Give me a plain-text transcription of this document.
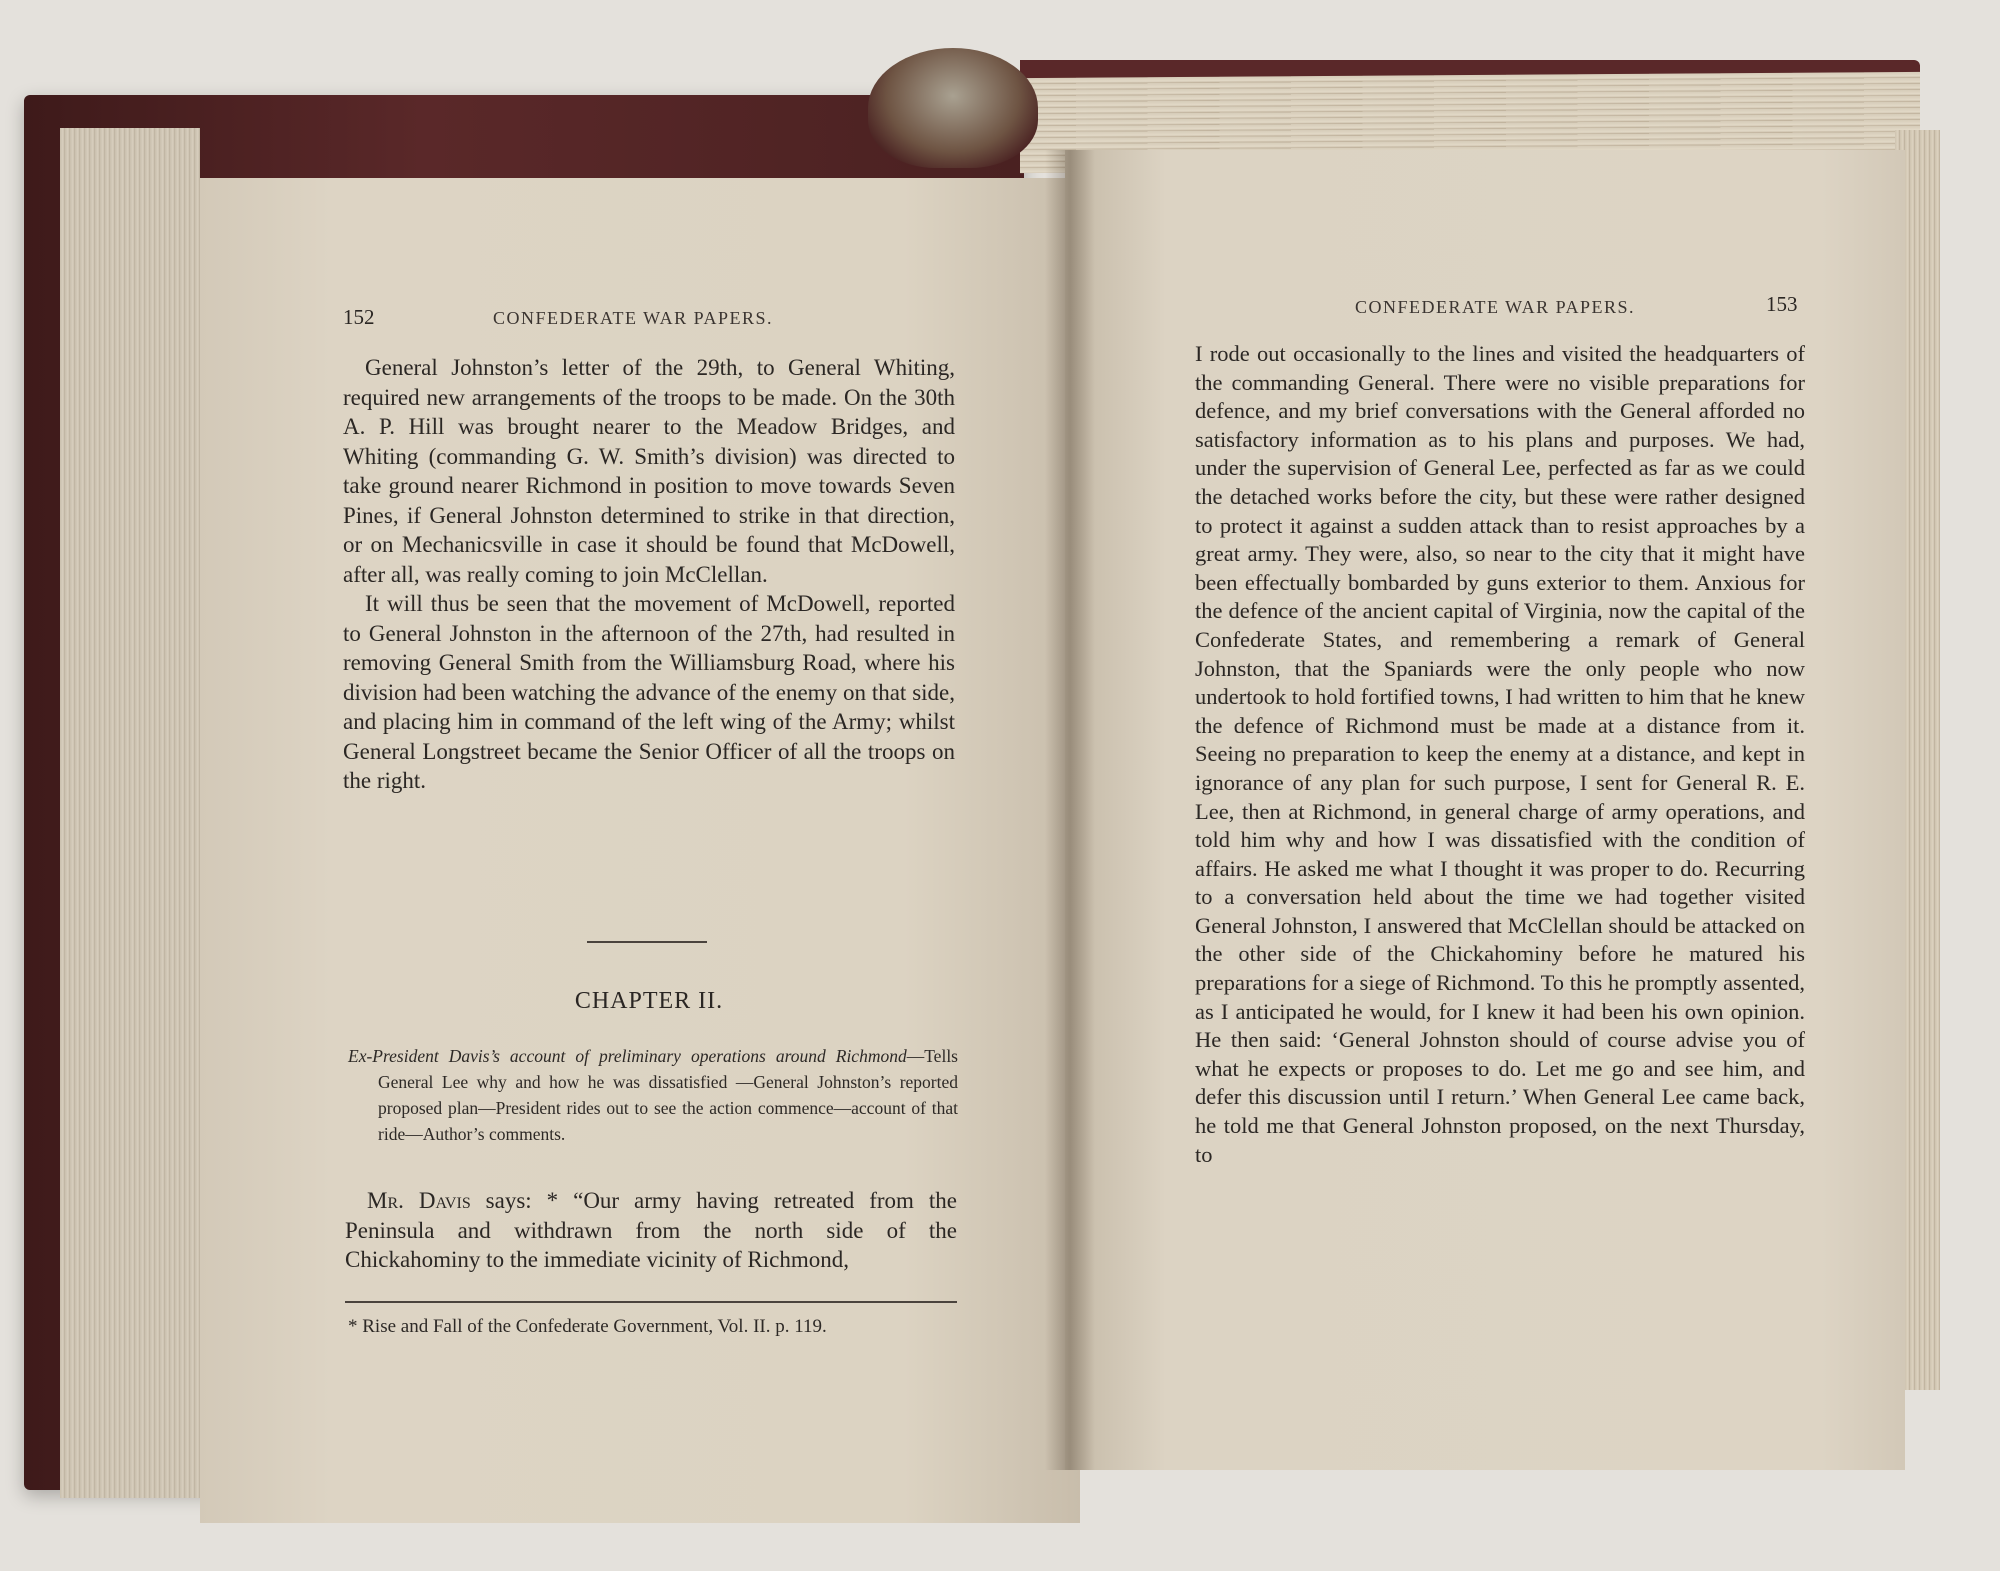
152	CONFEDERATE WAR PAPERS.

General Johnston’s letter of the 29th, to General Whiting, required new arrangements of the troops to be made. On the 30th A. P. Hill was brought nearer to the Meadow Bridges, and Whiting (commanding G. W. Smith’s division) was directed to take ground nearer Richmond in position to move towards Seven Pines, if General Johnston determined to strike in that direction, or on Mechanicsville in case it should be found that McDowell, after all, was really coming to join McClellan.

It will thus be seen that the movement of McDowell, reported to General Johnston in the afternoon of the 27th, had resulted in removing General Smith from the Williamsburg Road, where his division had been watching the advance of the enemy on that side, and placing him in command of the left wing of the Army; whilst General Longstreet became the Senior Officer of all the troops on the right.

CHAPTER II.
Ex-President Davis’s account of preliminary operations around Richmond—Tells General Lee why and how he was dissatisfied —General Johnston’s reported proposed plan—President rides out to see the action commence—account of that ride—Author’s comments.

Mr. Davis says: * “Our army having retreated from the Peninsula and withdrawn from the north side of the Chickahominy to the immediate vicinity of Richmond,

* Rise and Fall of the Confederate Government, Vol. II. p. 119.
CONFEDERATE WAR PAPERS.	153

I rode out occasionally to the lines and visited the headquarters of the commanding General. There were no visible preparations for defence, and my brief conversations with the General afforded no satisfactory information as to his plans and purposes. We had, under the supervision of General Lee, perfected as far as we could the detached works before the city, but these were rather designed to protect it against a sudden attack than to resist approaches by a great army. They were, also, so near to the city that it might have been effectually bombarded by guns exterior to them. Anxious for the defence of the ancient capital of Virginia, now the capital of the Confederate States, and remembering a remark of General Johnston, that the Spaniards were the only people who now undertook to hold fortified towns, I had written to him that he knew the defence of Richmond must be made at a distance from it. Seeing no preparation to keep the enemy at a distance, and kept in ignorance of any plan for such purpose, I sent for General R. E. Lee, then at Richmond, in general charge of army operations, and told him why and how I was dissatisfied with the condition of affairs. He asked me what I thought it was proper to do. Recurring to a conversation held about the time we had together visited General Johnston, I answered that McClellan should be attacked on the other side of the Chickahominy before he matured his preparations for a siege of Richmond. To this he promptly assented, as I anticipated he would, for I knew it had been his own opinion. He then said: ‘General Johnston should of course advise you of what he expects or proposes to do. Let me go and see him, and defer this discussion until I return.’ When General Lee came back, he told me that General Johnston proposed, on the next Thursday, to
